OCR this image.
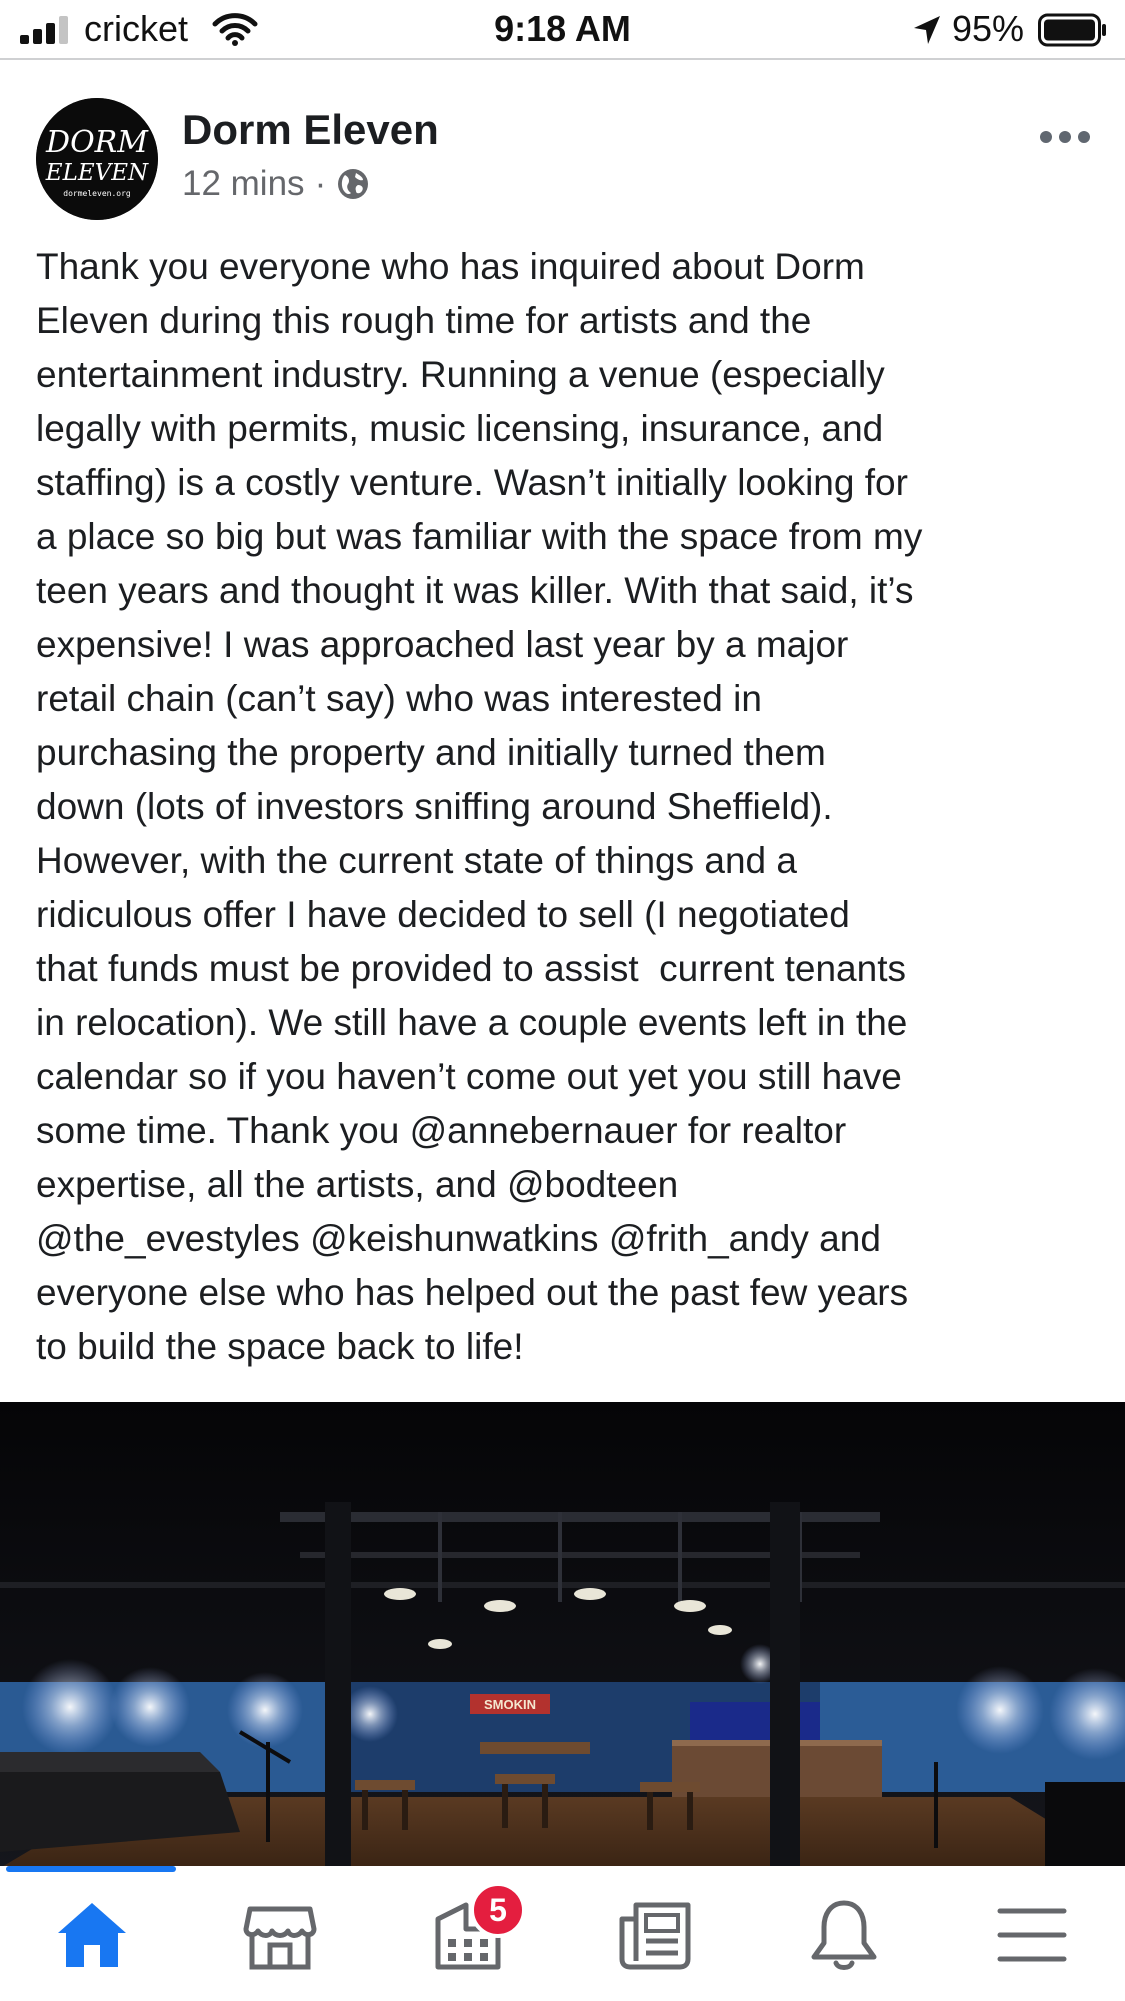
cricket	9:18 AM	95%
DORM
ELEVEN
dormeleven.org
Dorm Eleven
12 mins ·
Thank you everyone who has inquired about Dorm
Eleven during this rough time for artists and the
entertainment industry. Running a venue (especially
legally with permits, music licensing, insurance, and
staffing) is a costly venture. Wasn’t initially looking for
a place so big but was familiar with the space from my
teen years and thought it was killer. With that said, it’s
expensive! I was approached last year by a major
retail chain (can’t say) who was interested in
purchasing the property and initially turned them
down (lots of investors sniffing around Sheffield).
However, with the current state of things and a
ridiculous offer I have decided to sell (I negotiated
that funds must be provided to assist  current tenants
in relocation). We still have a couple events left in the
calendar so if you haven’t come out yet you still have
some time. Thank you @annebernauer for realtor
expertise, all the artists, and @bodteen
@the_evestyles @keishunwatkins @frith_andy and
everyone else who has helped out the past few years
to build the space back to life!
SMOKIN
5
